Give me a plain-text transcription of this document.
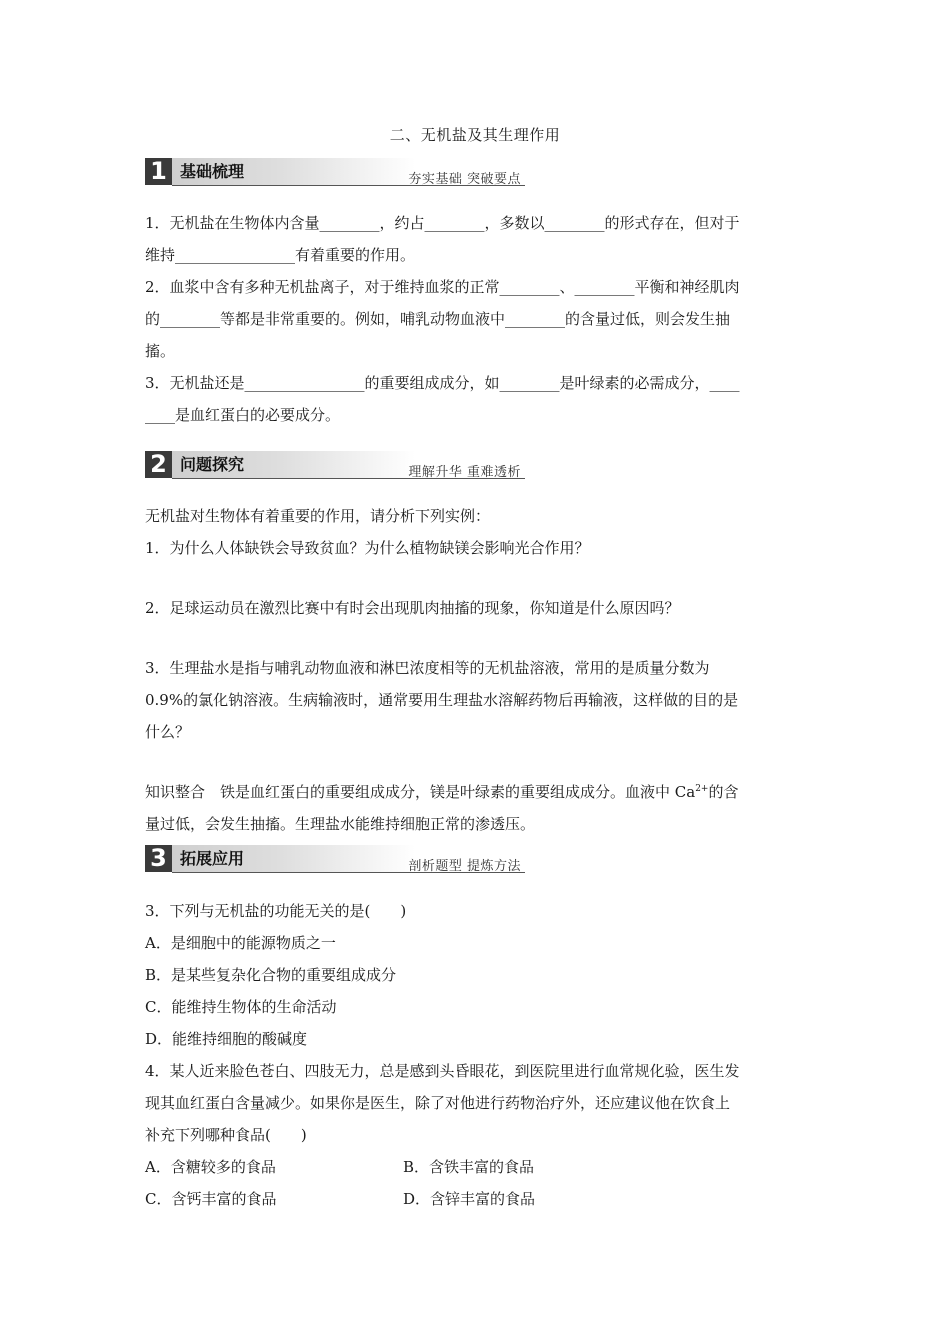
二、无机盐及其生理作用
1 基础梳理	夯实基础 突破要点
1．无机盐在生物体内含量________，约占________，多数以________的形式存在，但对于
维持________________有着重要的作用。
2．血浆中含有多种无机盐离子，对于维持血浆的正常________、________平衡和神经肌肉
的________等都是非常重要的。例如，哺乳动物血液中________的含量过低，则会发生抽
搐。
3．无机盐还是________________的重要组成成分，如________是叶绿素的必需成分，____
____是血红蛋白的必要成分。
2 问题探究	理解升华 重难透析
无机盐对生物体有着重要的作用，请分析下列实例：
1．为什么人体缺铁会导致贫血？为什么植物缺镁会影响光合作用？
2．足球运动员在激烈比赛中有时会出现肌肉抽搐的现象，你知道是什么原因吗？
3．生理盐水是指与哺乳动物血液和淋巴浓度相等的无机盐溶液，常用的是质量分数为
0.9%的氯化钠溶液。生病输液时，通常要用生理盐水溶解药物后再输液，这样做的目的是
什么？
知识整合　铁是血红蛋白的重要组成成分，镁是叶绿素的重要组成成分。血液中 $Ca^{2+}$的含
量过低，会发生抽搐。生理盐水能维持细胞正常的渗透压。
3 拓展应用	剖析题型 提炼方法
3．下列与无机盐的功能无关的是(　　)
A．是细胞中的能源物质之一
B．是某些复杂化合物的重要组成成分
C．能维持生物体的生命活动
D．能维持细胞的酸碱度
4．某人近来脸色苍白、四肢无力，总是感到头昏眼花，到医院里进行血常规化验，医生发
现其血红蛋白含量减少。如果你是医生，除了对他进行药物治疗外，还应建议他在饮食上
补充下列哪种食品(　　)
A．含糖较多的食品	B．含铁丰富的食品
C．含钙丰富的食品	D．含锌丰富的食品
